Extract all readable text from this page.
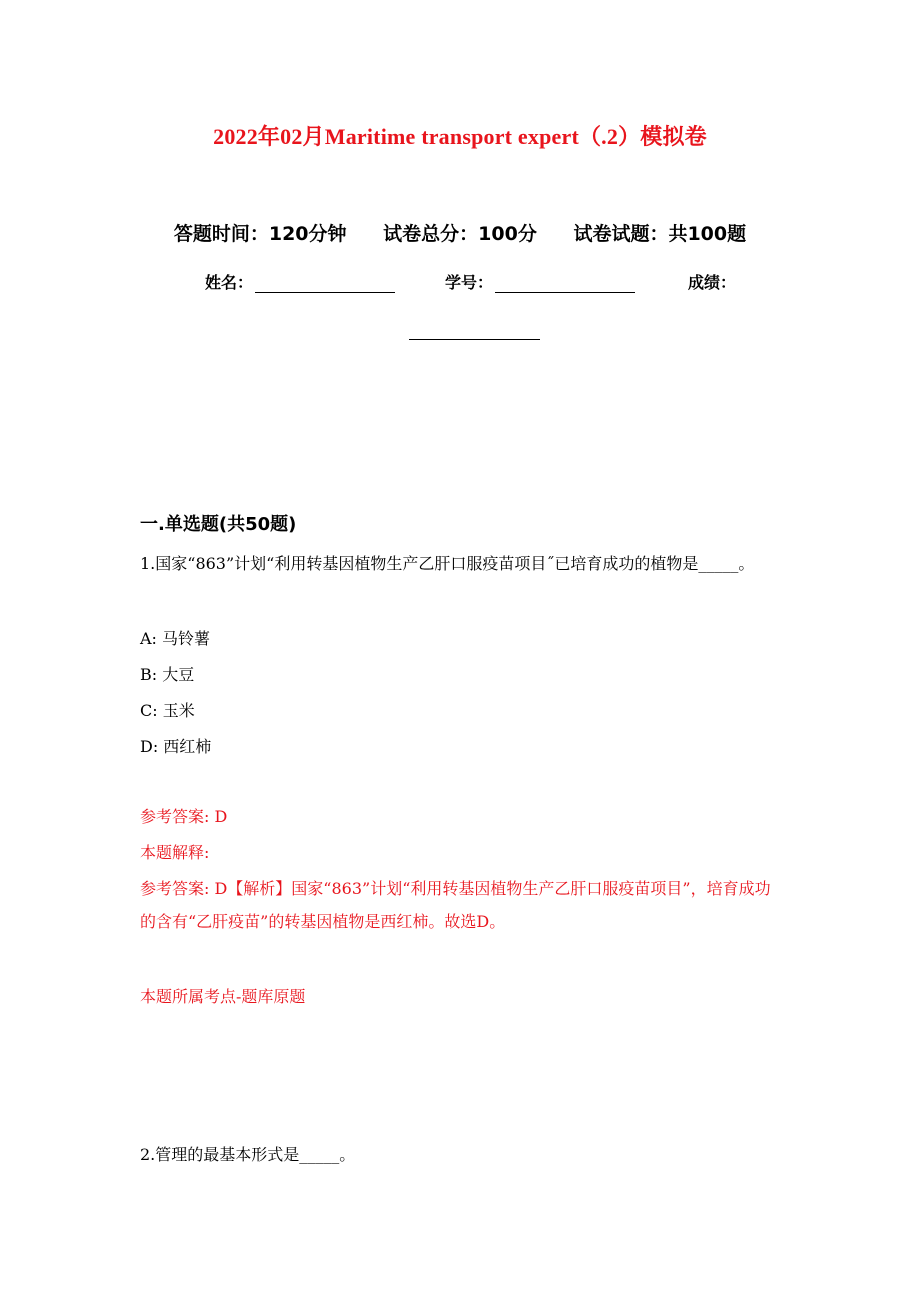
2022年02月Maritime transport expert（.2）模拟卷
答题时间：120分钟 试卷总分：100分 试卷试题：共100题
姓名：	学号：	成绩：
一.单选题(共50题)
1.国家“863”计划“利用转基因植物生产乙肝口服疫苗项目˝已培育成功的植物是_____。
A: 马铃薯
B: 大豆
C: 玉米
D: 西红柿
参考答案: D
本题解释:
参考答案: D【解析】国家“863”计划“利用转基因植物生产乙肝口服疫苗项目”，培育成功的含有“乙肝疫苗”的转基因植物是西红柿。故选D。
本题所属考点-题库原题
2.管理的最基本形式是_____。
